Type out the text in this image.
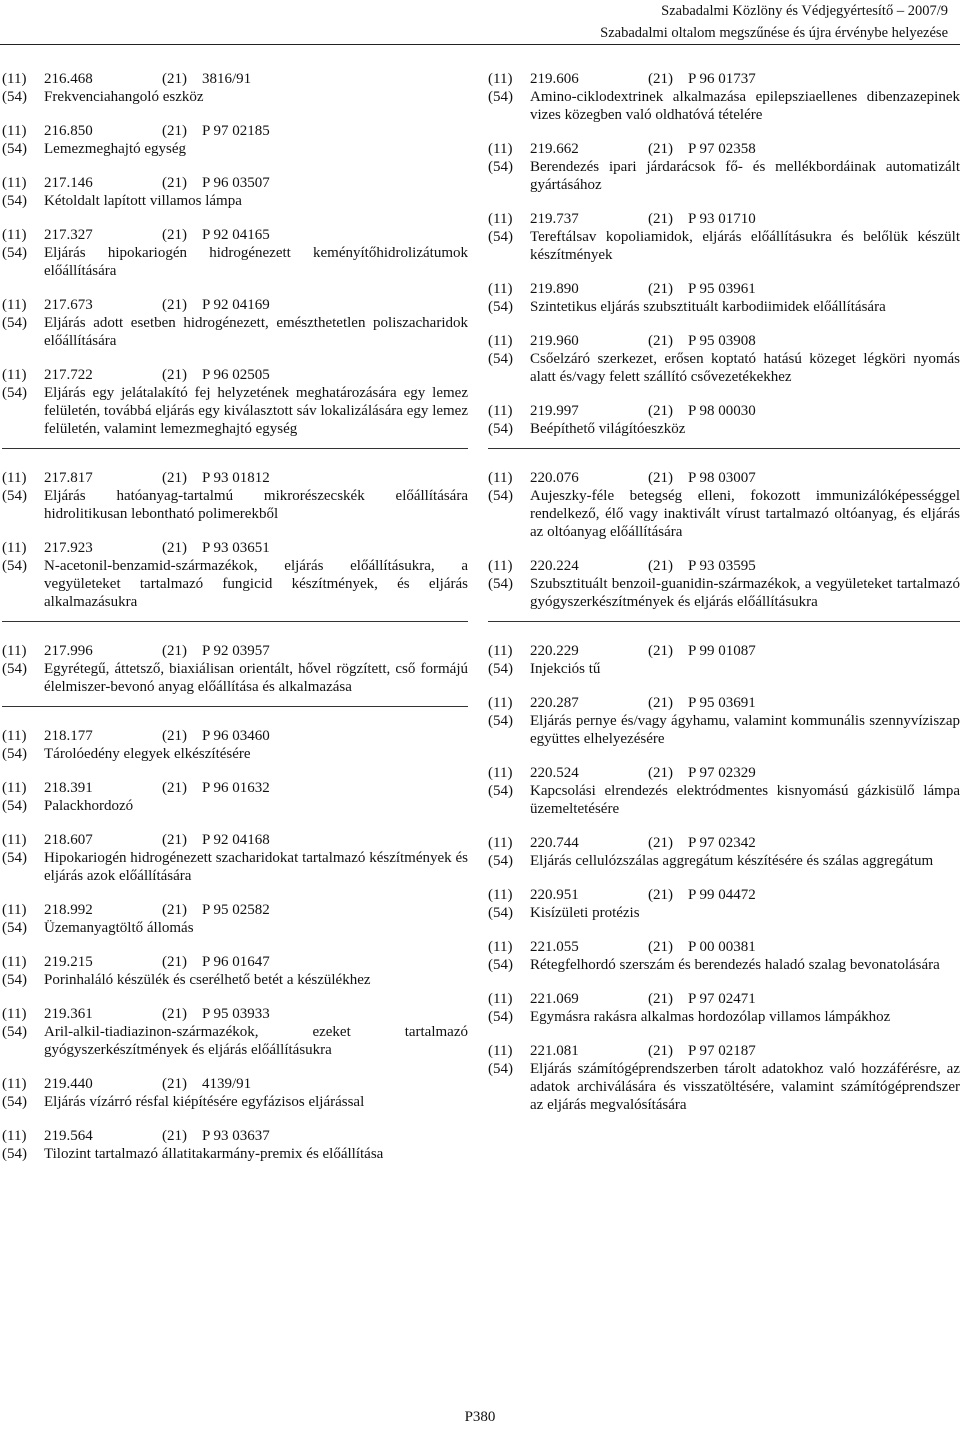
Szabadalmi Közlöny és Védjegyértesítő – 2007/9
Szabadalmi oltalom megszűnése és újra érvénybe helyezése
(11)	216.468	(21) 3816/91
(54)	Frekvenciahangoló eszköz
(11)	216.850	(21) P 97 02185
(54)	Lemezmeghajtó egység
(11)	217.146	(21) P 96 03507
(54)	Kétoldalt lapított villamos lámpa
(11)	217.327	(21) P 92 04165
(54)	Eljárás hipokariogén hidrogénezett keményítőhidrolizátumok előállítására
(11)	217.673	(21) P 92 04169
(54)	Eljárás adott esetben hidrogénezett, emészthetetlen poliszacharidok előállítására
(11)	217.722	(21) P 96 02505
(54)	Eljárás egy jelátalakító fej helyzetének meghatározására egy lemez felületén, továbbá eljárás egy kiválasztott sáv lokalizálására egy lemez felületén, valamint lemezmeghajtó egység
(11)	217.817	(21) P 93 01812
(54)	Eljárás hatóanyag-tartalmú mikrorészecskék előállítására hidrolitikusan lebontható polimerekből
(11)	217.923	(21) P 93 03651
(54)	N-acetonil-benzamid-származékok, eljárás előállításukra, a vegyületeket tartalmazó fungicid készítmények, és eljárás alkalmazásukra
(11)	217.996	(21) P 92 03957
(54)	Egyrétegű, áttetsző, biaxiálisan orientált, hővel rögzített, cső formájú élelmiszer-bevonó anyag előállítása és alkalmazása
(11)	218.177	(21) P 96 03460
(54)	Tárolóedény elegyek elkészítésére
(11)	218.391	(21) P 96 01632
(54)	Palackhordozó
(11)	218.607	(21) P 92 04168
(54)	Hipokariogén hidrogénezett szacharidokat tartalmazó készítmények és eljárás azok előállítására
(11)	218.992	(21) P 95 02582
(54)	Üzemanyagtöltő állomás
(11)	219.215	(21) P 96 01647
(54)	Porinhaláló készülék és cserélhető betét a készülékhez
(11)	219.361	(21) P 95 03933
(54)	Aril-alkil-tiadiazinon-származékok, ezeket tartalmazó gyógyszerkészítmények és eljárás előállításukra
(11)	219.440	(21) 4139/91
(54)	Eljárás vízárró résfal kiépítésére egyfázisos eljárással
(11)	219.564	(21) P 93 03637
(54)	Tilozint tartalmazó állatitakarmány-premix és előállítása
(11)	219.606	(21) P 96 01737
(54)	Amino-ciklodextrinek alkalmazása epilepsziaellenes dibenzazepinek vizes közegben való oldhatóvá tételére
(11)	219.662	(21) P 97 02358
(54)	Berendezés ipari járdarácsok fő- és mellékbordáinak automatizált gyártásához
(11)	219.737	(21) P 93 01710
(54)	Tereftálsav kopoliamidok, eljárás előállításukra és belőlük készült készítmények
(11)	219.890	(21) P 95 03961
(54)	Szintetikus eljárás szubsztituált karbodiimidek előállítására
(11)	219.960	(21) P 95 03908
(54)	Csőelzáró szerkezet, erősen koptató hatású közeget légköri nyomás alatt és/vagy felett szállító csővezetékekhez
(11)	219.997	(21) P 98 00030
(54)	Beépíthető világítóeszköz
(11)	220.076	(21) P 98 03007
(54)	Aujeszky-féle betegség elleni, fokozott immunizálóképességgel rendelkező, élő vagy inaktivált vírust tartalmazó oltóanyag, és eljárás az oltóanyag előállítására
(11)	220.224	(21) P 93 03595
(54)	Szubsztituált benzoil-guanidin-származékok, a vegyületeket tartalmazó gyógyszerkészítmények és eljárás előállításukra
(11)	220.229	(21) P 99 01087
(54)	Injekciós tű
(11)	220.287	(21) P 95 03691
(54)	Eljárás pernye és/vagy ágyhamu, valamint kommunális szennyvíziszap együttes elhelyezésére
(11)	220.524	(21) P 97 02329
(54)	Kapcsolási elrendezés elektródmentes kisnyomású gázkisülő lámpa üzemeltetésére
(11)	220.744	(21) P 97 02342
(54)	Eljárás cellulózszálas aggregátum készítésére és szálas aggregátum
(11)	220.951	(21) P 99 04472
(54)	Kisízületi protézis
(11)	221.055	(21) P 00 00381
(54)	Rétegfelhordó szerszám és berendezés haladó szalag bevonatolására
(11)	221.069	(21) P 97 02471
(54)	Egymásra rakásra alkalmas hordozólap villamos lámpákhoz
(11)	221.081	(21) P 97 02187
(54)	Eljárás számítógéprendszerben tárolt adatokhoz való hozzáférésre, az adatok archiválására és visszatöltésére, valamint számítógéprendszer az eljárás megvalósítására
P380
